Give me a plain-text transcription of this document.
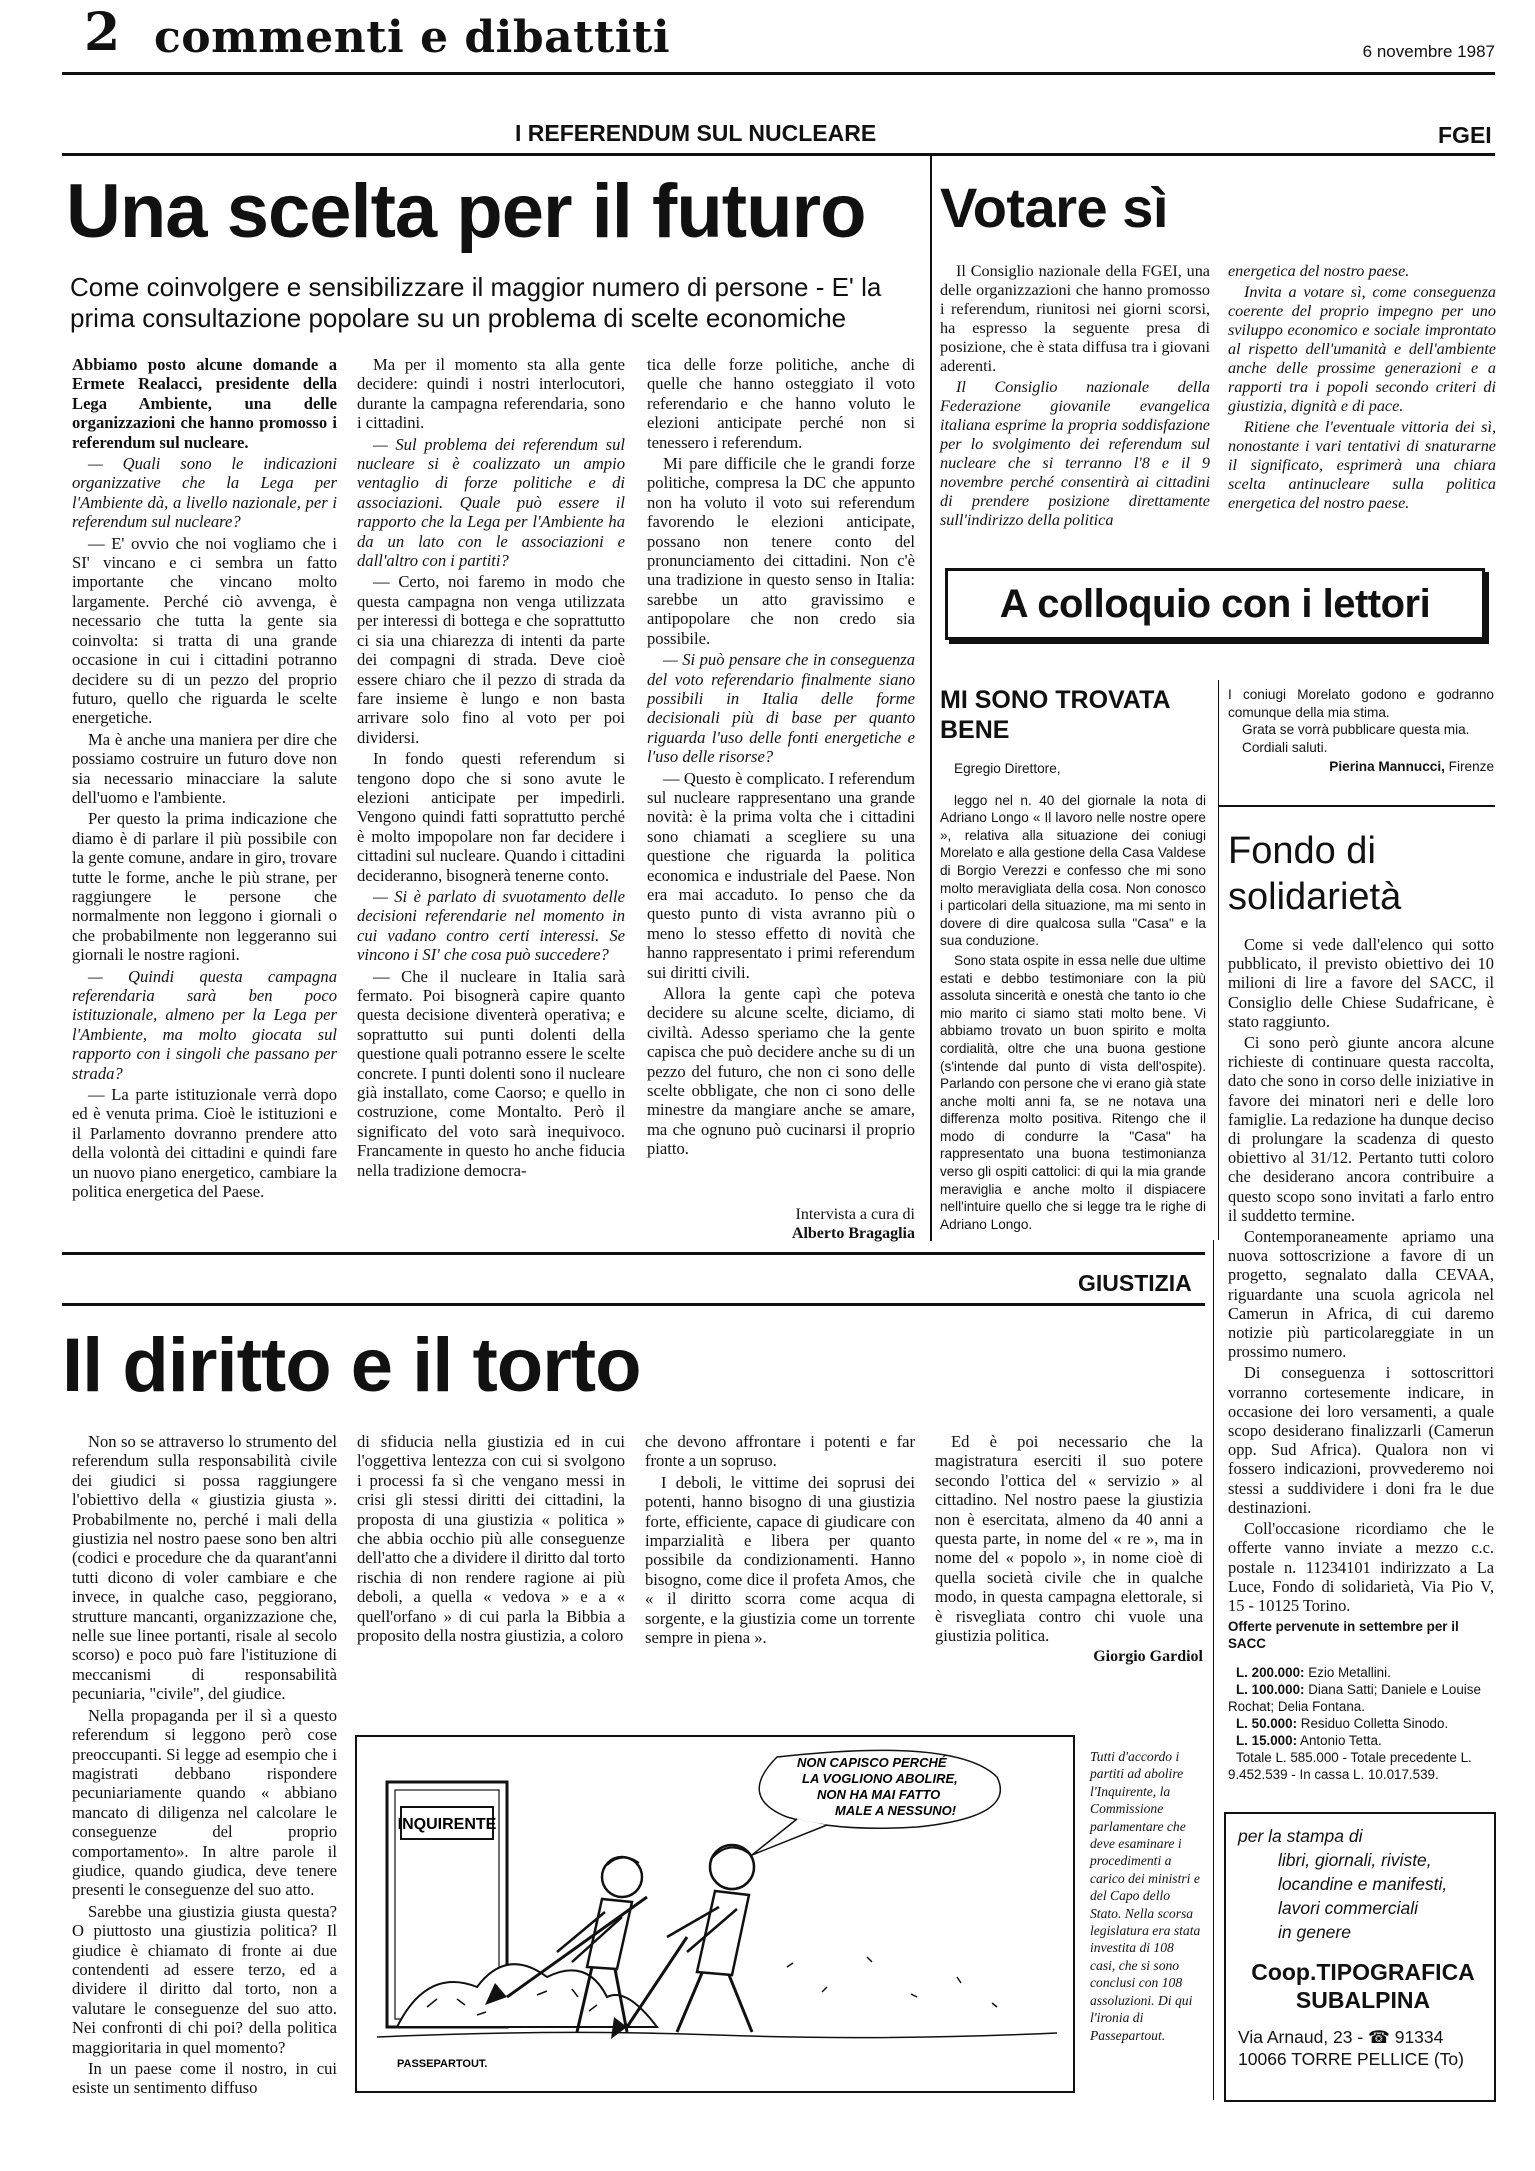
2 commenti e dibattiti	6 novembre 1987
I REFERENDUM SUL NUCLEARE	FGEI
Una scelta per il futuro
Come coinvolgere e sensibilizzare il maggior numero di persone - E' la prima consultazione popolare su un problema di scelte economiche

Abbiamo posto alcune domande a Ermete Realacci, presidente della Lega Ambiente, una delle organizzazioni che hanno promosso i referendum sul nucleare.

— Quali sono le indicazioni organizzative che la Lega per l'Ambiente dà, a livello nazionale, per i referendum sul nucleare?

— E' ovvio che noi vogliamo che i SI' vincano e ci sembra un fatto importante che vincano molto largamente. Perché ciò avvenga, è necessario che tutta la gente sia coinvolta: si tratta di una grande occasione in cui i cittadini potranno decidere su di un pezzo del proprio futuro, quello che riguarda le scelte energetiche.

Ma è anche una maniera per dire che possiamo costruire un futuro dove non sia necessario minacciare la salute dell'uomo e l'ambiente.

Per questo la prima indicazione che diamo è di parlare il più possibile con la gente comune, andare in giro, trovare tutte le forme, anche le più strane, per raggiungere le persone che normalmente non leggono i giornali o che probabilmente non leggeranno sui giornali le nostre ragioni.

— Quindi questa campagna referendaria sarà ben poco istituzionale, almeno per la Lega per l'Ambiente, ma molto giocata sul rapporto con i singoli che passano per strada?

— La parte istituzionale verrà dopo ed è venuta prima. Cioè le istituzioni e il Parlamento dovranno prendere atto della volontà dei cittadini e quindi fare un nuovo piano energetico, cambiare la politica energetica del Paese.

Ma per il momento sta alla gente decidere: quindi i nostri interlocutori, durante la campagna referendaria, sono i cittadini.

— Sul problema dei referendum sul nucleare si è coalizzato un ampio ventaglio di forze politiche e di associazioni. Quale può essere il rapporto che la Lega per l'Ambiente ha da un lato con le associazioni e dall'altro con i partiti?

— Certo, noi faremo in modo che questa campagna non venga utilizzata per interessi di bottega e che soprattutto ci sia una chiarezza di intenti da parte dei compagni di strada. Deve cioè essere chiaro che il pezzo di strada da fare insieme è lungo e non basta arrivare solo fino al voto per poi dividersi.

In fondo questi referendum si tengono dopo che si sono avute le elezioni anticipate per impedirli. Vengono quindi fatti soprattutto perché è molto impopolare non far decidere i cittadini sul nucleare. Quando i cittadini decideranno, bisognerà tenerne conto.

— Si è parlato di svuotamento delle decisioni referendarie nel momento in cui vadano contro certi interessi. Se vincono i SI' che cosa può succedere?

— Che il nucleare in Italia sarà fermato. Poi bisognerà capire quanto questa decisione diventerà operativa; e soprattutto sui punti dolenti della questione quali potranno essere le scelte concrete. I punti dolenti sono il nucleare già installato, come Caorso; e quello in costruzione, come Montalto. Però il significato del voto sarà inequivoco. Francamente in questo ho anche fiducia nella tradizione democra-

tica delle forze politiche, anche di quelle che hanno osteggiato il voto referendario e che hanno voluto le elezioni anticipate perché non si tenessero i referendum.

Mi pare difficile che le grandi forze politiche, compresa la DC che appunto non ha voluto il voto sui referendum favorendo le elezioni anticipate, possano non tenere conto del pronunciamento dei cittadini. Non c'è una tradizione in questo senso in Italia: sarebbe un atto gravissimo e antipopolare che non credo sia possibile.

— Si può pensare che in conseguenza del voto referendario finalmente siano possibili in Italia delle forme decisionali più di base per quanto riguarda l'uso delle fonti energetiche e l'uso delle risorse?

— Questo è complicato. I referendum sul nucleare rappresentano una grande novità: è la prima volta che i cittadini sono chiamati a scegliere su una questione che riguarda la politica economica e industriale del Paese. Non era mai accaduto. Io penso che da questo punto di vista avranno più o meno lo stesso effetto di novità che hanno rappresentato i primi referendum sui diritti civili.

Allora la gente capì che poteva decidere su alcune scelte, diciamo, di civiltà. Adesso speriamo che la gente capisca che può decidere anche su di un pezzo del futuro, che non ci sono delle scelte obbligate, che non ci sono delle minestre da mangiare anche se amare, ma che ognuno può cucinarsi il proprio piatto.

Intervista a cura di
Alberto Bragaglia
Votare sì

Il Consiglio nazionale della FGEI, una delle organizzazioni che hanno promosso i referendum, riunitosi nei giorni scorsi, ha espresso la seguente presa di posizione, che è stata diffusa tra i giovani aderenti.

Il Consiglio nazionale della Federazione giovanile evangelica italiana esprime la propria soddisfazione per lo svolgimento dei referendum sul nucleare che si terranno l'8 e il 9 novembre perché consentirà ai cittadini di prendere posizione direttamente sull'indirizzo della politica

energetica del nostro paese.

Invita a votare sì, come conseguenza coerente del proprio impegno per uno sviluppo economico e sociale improntato al rispetto dell'umanità e dell'ambiente anche delle prossime generazioni e a rapporti tra i popoli secondo criteri di giustizia, dignità e di pace.

Ritiene che l'eventuale vittoria dei sì, nonostante i vari tentativi di snaturarne il significato, esprimerà una chiara scelta antinucleare sulla politica energetica del nostro paese.

A colloquio con i lettori
MI SONO TROVATA BENE

Egregio Direttore,

leggo nel n. 40 del giornale la nota di Adriano Longo « Il lavoro nelle nostre opere », relativa alla situazione dei coniugi Morelato e alla gestione della Casa Valdese di Borgio Verezzi e confesso che mi sono molto meravigliata della cosa. Non conosco i particolari della situazione, ma mi sento in dovere di dire qualcosa sulla "Casa" e la sua conduzione.

Sono stata ospite in essa nelle due ultime estati e debbo testimoniare con la più assoluta sincerità e onestà che tanto io che mio marito ci siamo stati molto bene. Vi abbiamo trovato un buon spirito e molta cordialità, oltre che una buona gestione (s'intende dal punto di vista dell'ospite). Parlando con persone che vi erano già state anche molti anni fa, se ne notava una differenza molto positiva. Ritengo che il modo di condurre la "Casa" ha rappresentato una buona testimonianza verso gli ospiti cattolici: di qui la mia grande meraviglia e anche molto il dispiacere nell'intuire quello che si legge tra le righe di Adriano Longo.

I coniugi Morelato godono e godranno comunque della mia stima.

Grata se vorrà pubblicare questa mia.

Cordiali saluti.

Pierina Mannucci, Firenze
Fondo di
solidarietà

Come si vede dall'elenco qui sotto pubblicato, il previsto obiettivo dei 10 milioni di lire a favore del SACC, il Consiglio delle Chiese Sudafricane, è stato raggiunto.

Ci sono però giunte ancora alcune richieste di continuare questa raccolta, dato che sono in corso delle iniziative in favore dei minatori neri e delle loro famiglie. La redazione ha dunque deciso di prolungare la scadenza di questo obiettivo al 31/12. Pertanto tutti coloro che desiderano ancora contribuire a questo scopo sono invitati a farlo entro il suddetto termine.

Contemporaneamente apriamo una nuova sottoscrizione a favore di un progetto, segnalato dalla CEVAA, riguardante una scuola agricola nel Camerun in Africa, di cui daremo notizie più particolareggiate in un prossimo numero.

Di conseguenza i sottoscrittori vorranno cortesemente indicare, in occasione dei loro versamenti, a quale scopo desiderano finalizzarli (Camerun opp. Sud Africa). Qualora non vi fossero indicazioni, provvederemo noi stessi a suddividere i doni fra le due destinazioni.

Coll'occasione ricordiamo che le offerte vanno inviate a mezzo c.c. postale n. 11234101 indirizzato a La Luce, Fondo di solidarietà, Via Pio V, 15 - 10125 Torino.

Offerte pervenute in settembre per il SACC
L. 200.000: Ezio Metallini.
L. 100.000: Diana Satti; Daniele e Louise Rochat; Delia Fontana.
L. 50.000: Residuo Colletta Sinodo.
L. 15.000: Antonio Tetta.
Totale L. 585.000 - Totale precedente L. 9.452.539 - In cassa L. 10.017.539.
per la stampa di
libri, giornali, riviste,
locandine e manifesti,
lavori commerciali
in genere
Coop.TIPOGRAFICA
SUBALPINA
Via Arnaud, 23 - ☎ 91334
10066 TORRE PELLICE (To)
GIUSTIZIA
Il diritto e il torto

Non so se attraverso lo strumento del referendum sulla responsabilità civile dei giudici si possa raggiungere l'obiettivo della « giustizia giusta ». Probabilmente no, perché i mali della giustizia nel nostro paese sono ben altri (codici e procedure che da quarant'anni tutti dicono di voler cambiare e che invece, in qualche caso, peggiorano, strutture mancanti, organizzazione che, nelle sue linee portanti, risale al secolo scorso) e poco può fare l'istituzione di meccanismi di responsabilità pecuniaria, "civile", del giudice.

Nella propaganda per il sì a questo referendum si leggono però cose preoccupanti. Si legge ad esempio che i magistrati debbano rispondere pecuniariamente quando « abbiano mancato di diligenza nel calcolare le conseguenze del proprio comportamento». In altre parole il giudice, quando giudica, deve tenere presenti le conseguenze del suo atto.

Sarebbe una giustizia giusta questa? O piuttosto una giustizia politica? Il giudice è chiamato di fronte ai due contendenti ad essere terzo, ed a dividere il diritto dal torto, non a valutare le conseguenze del suo atto. Nei confronti di chi poi? della politica maggioritaria in quel momento?

In un paese come il nostro, in cui esiste un sentimento diffuso

di sfiducia nella giustizia ed in cui l'oggettiva lentezza con cui si svolgono i processi fa sì che vengano messi in crisi gli stessi diritti dei cittadini, la proposta di una giustizia « politica » che abbia occhio più alle conseguenze dell'atto che a dividere il diritto dal torto rischia di non rendere ragione ai più deboli, a quella « vedova » e a « quell'orfano » di cui parla la Bibbia a proposito della nostra giustizia, a coloro

che devono affrontare i potenti e far fronte a un sopruso.

I deboli, le vittime dei soprusi dei potenti, hanno bisogno di una giustizia forte, efficiente, capace di giudicare con imparzialità e libera per quanto possibile da condizionamenti. Hanno bisogno, come dice il profeta Amos, che « il diritto scorra come acqua di sorgente, e la giustizia come un torrente sempre in piena ».

Ed è poi necessario che la magistratura eserciti il suo potere secondo l'ottica del « servizio » al cittadino. Nel nostro paese la giustizia non è esercitata, almeno da 40 anni a questa parte, in nome del « re », ma in nome del « popolo », in nome cioè di quella società civile che in qualche modo, in questa campagna elettorale, si è risvegliata contro chi vuole una giustizia politica.

Giorgio Gardiol
INQUIRENTE
NON CAPISCO PERCHÉ LA VOGLIONO ABOLIRE, NON HA MAI FATTO MALE A NESSUNO!
PASSEPARTOUT.
Tutti d'accordo i partiti ad abolire l'Inquirente, la Commissione parlamentare che deve esaminare i procedimenti a carico dei ministri e del Capo dello Stato. Nella scorsa legislatura era stata investita di 108 casi, che si sono conclusi con 108 assoluzioni. Di qui l'ironia di Passepartout.
